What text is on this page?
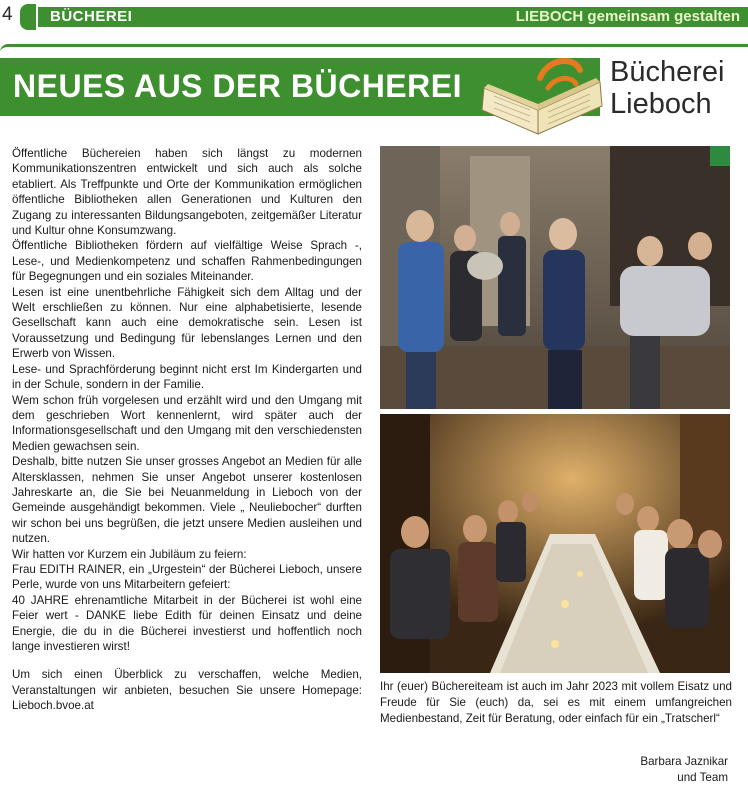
4 BÜCHEREI	LIEBOCH gemeinsam gestalten
NEUES AUS DER BÜCHEREI	Bücherei
Lieboch

Öffentliche Büchereien haben sich längst zu modernen Kommunikationszentren entwickelt und sich auch als solche etabliert. Als Treffpunkte und Orte der Kommunikation ermöglichen öffentliche Bibliotheken allen Generationen und Kulturen den Zugang zu interessanten Bildungsangeboten, zeitgemäßer Literatur und Kultur ohne Konsumzwang.

Öffentliche Bibliotheken fördern auf vielfältige Weise Sprach -, Lese-, und Medienkompetenz und schaffen Rahmenbedingungen für Begegnungen und ein soziales Miteinander.

Lesen ist eine unentbehrliche Fähigkeit sich dem Alltag und der Welt erschließen zu können. Nur eine alphabetisierte, lesende Gesellschaft kann auch eine demokratische sein. Lesen ist Voraussetzung und Bedingung für lebenslanges Lernen und den Erwerb von Wissen.

Lese- und Sprachförderung beginnt nicht erst Im Kindergarten und in der Schule, sondern in der Familie.

Wem schon früh vorgelesen und erzählt wird und den Umgang mit dem geschrieben Wort kennenlernt, wird später auch der Informationsgesellschaft und den Umgang mit den verschiedensten Medien gewachsen sein.

Deshalb, bitte nutzen Sie unser grosses Angebot an Medien für alle Altersklassen, nehmen Sie unser Angebot unserer kostenlosen Jahreskarte an, die Sie bei Neuanmeldung in Lieboch von der Gemeinde ausgehändigt bekommen. Viele „ Neuliebocher“ durften wir schon bei uns begrüßen, die jetzt unsere Medien ausleihen und nutzen.

Wir hatten vor Kurzem ein Jubiläum zu feiern:

Frau EDITH RAINER, ein „Urgestein“ der Bücherei Lieboch, unsere Perle, wurde von uns Mitarbeitern gefeiert:

40 JAHRE ehrenamtliche Mitarbeit in der Bücherei ist wohl eine Feier wert - DANKE liebe Edith für deinen Einsatz und deine Energie, die du in die Bücherei investierst und hoffentlich noch lange investieren wirst!

Um sich einen Überblick zu verschaffen, welche Medien, Veranstaltungen wir anbieten, besuchen Sie unsere Homepage: Lieboch.bvoe.at

Ihr (euer) Büchereiteam ist auch im Jahr 2023 mit vollem Eisatz und Freude für Sie (euch) da, sei es mit einem umfangreichen Medienbestand, Zeit für Beratung, oder einfach für ein „Tratscherl“
Barbara Jaznikar
und Team
